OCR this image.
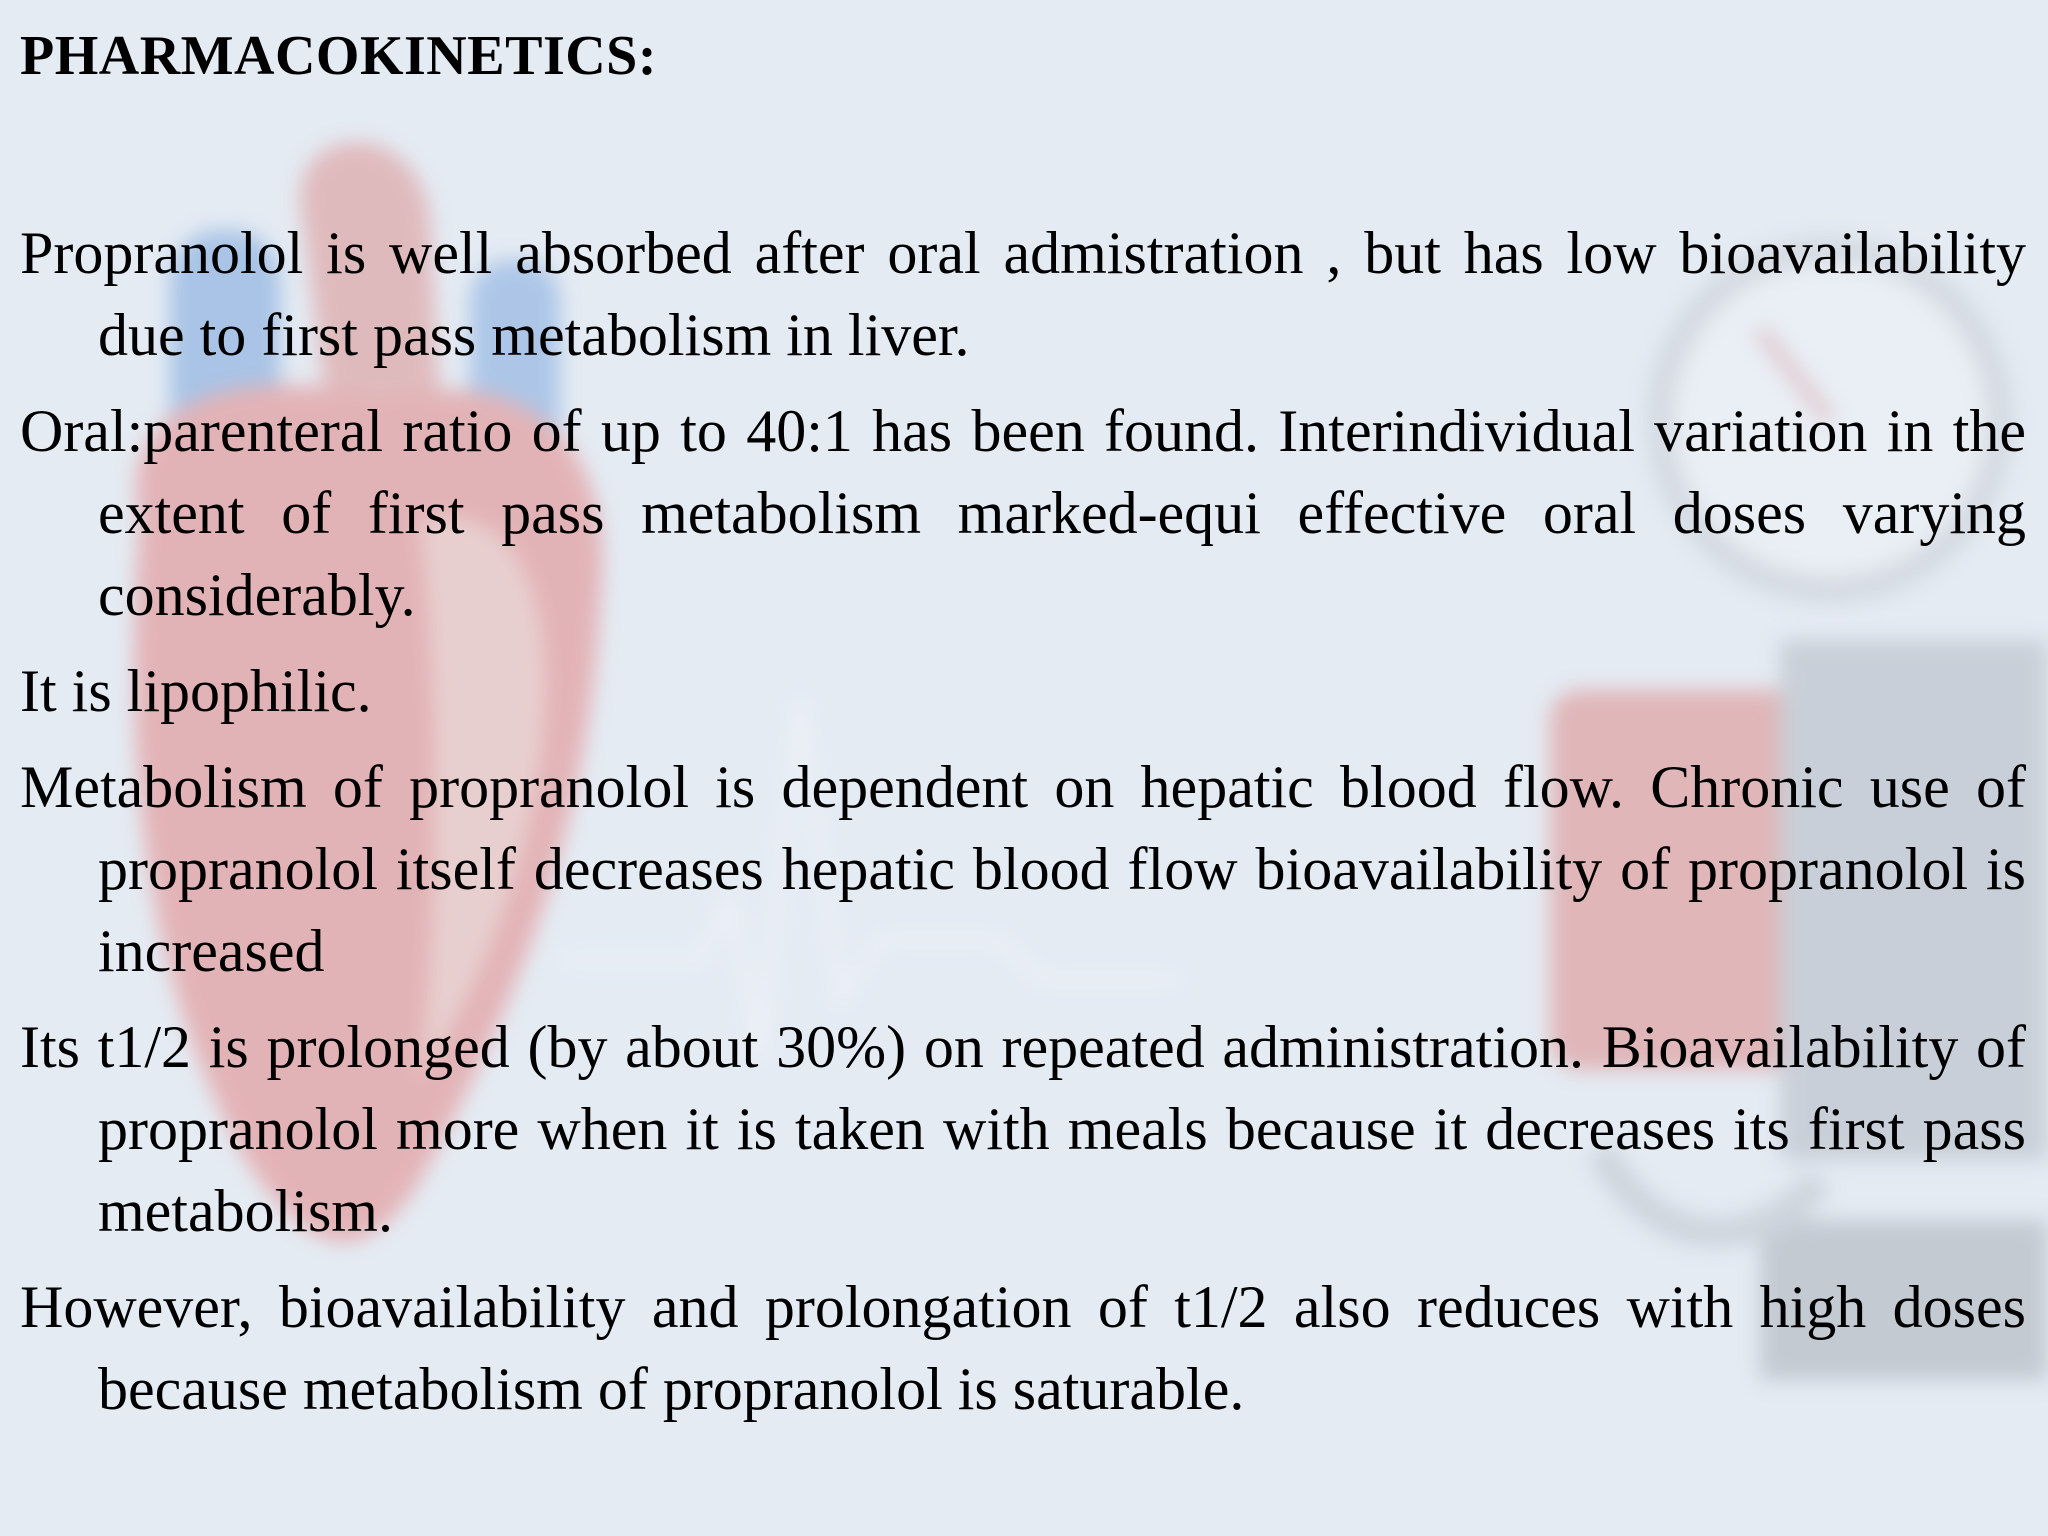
PHARMACOKINETICS:
Propranolol is well absorbed after oral admistration , but has low bioavailability due to first pass metabolism in liver.
Oral:parenteral ratio of up to 40:1 has been found. Interindividual variation in the extent of first pass metabolism marked-equi effective oral doses varying considerably.
It is lipophilic.
Metabolism of propranolol is dependent on hepatic blood flow. Chronic use of propranolol itself decreases hepatic blood flow bioavailability of propranolol is increased
Its t1/2 is prolonged (by about 30%) on repeated administration. Bioavailability of propranolol more when it is taken with meals because it decreases its first pass metabolism.
However, bioavailability and prolongation of t1/2 also reduces with high doses because metabolism of propranolol is saturable.
